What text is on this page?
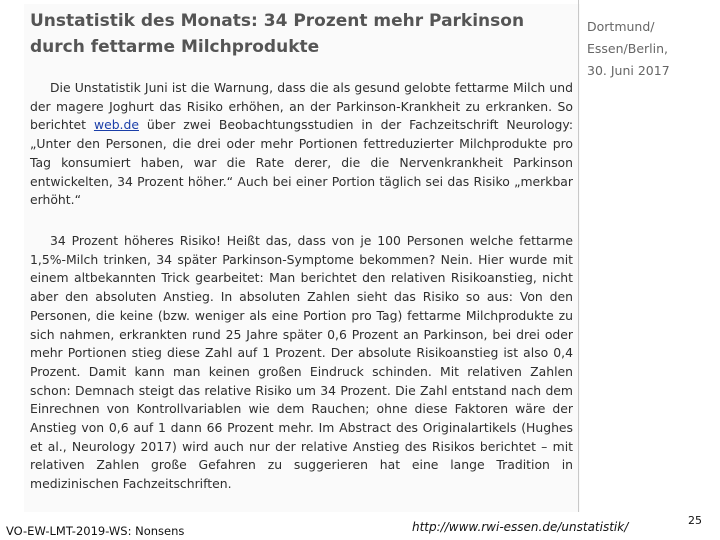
Unstatistik des Monats: 34 Prozent mehr Parkinson durch fettarme Milchprodukte
Dortmund/
Essen/Berlin,
30. Juni 2017

Die Unstatistik Juni ist die Warnung, dass die als gesund gelobte fettarme Milch und der magere Joghurt das Risiko erhöhen, an der Parkinson-Krankheit zu erkranken. So berichtet web.de über zwei Beobachtungsstudien in der Fachzeitschrift Neurology: „Unter den Personen, die drei oder mehr Portionen fettreduzierter Milchprodukte pro Tag konsumiert haben, war die Rate derer, die die Nervenkrankheit Parkinson entwickelten, 34 Prozent höher.“ Auch bei einer Portion täglich sei das Risiko „merkbar erhöht.“

34 Prozent höheres Risiko! Heißt das, dass von je 100 Personen welche fettarme 1,5%-Milch trinken, 34 später Parkinson-Symptome bekommen? Nein. Hier wurde mit einem altbekannten Trick gearbeitet: Man berichtet den relativen Risikoanstieg, nicht aber den absoluten Anstieg. In absoluten Zahlen sieht das Risiko so aus: Von den Personen, die keine (bzw. weniger als eine Portion pro Tag) fettarme Milchprodukte zu sich nahmen, erkrankten rund 25 Jahre später 0,6 Prozent an Parkinson, bei drei oder mehr Portionen stieg diese Zahl auf 1 Prozent. Der absolute Risikoanstieg ist also 0,4 Prozent. Damit kann man keinen großen Eindruck schinden. Mit relativen Zahlen schon: Demnach steigt das relative Risiko um 34 Prozent. Die Zahl entstand nach dem Einrechnen von Kontrollvariablen wie dem Rauchen; ohne diese Faktoren wäre der Anstieg von 0,6 auf 1 dann 66 Prozent mehr. Im Abstract des Originalartikels (Hughes et al., Neurology 2017) wird auch nur der relative Anstieg des Risikos berichtet – mit relativen Zahlen große Gefahren zu suggerieren hat eine lange Tradition in medizinischen Fachzeitschriften.

VO-EW-LMT-2019-WS: Nonsens	http://www.rwi-essen.de/unstatistik/	25
